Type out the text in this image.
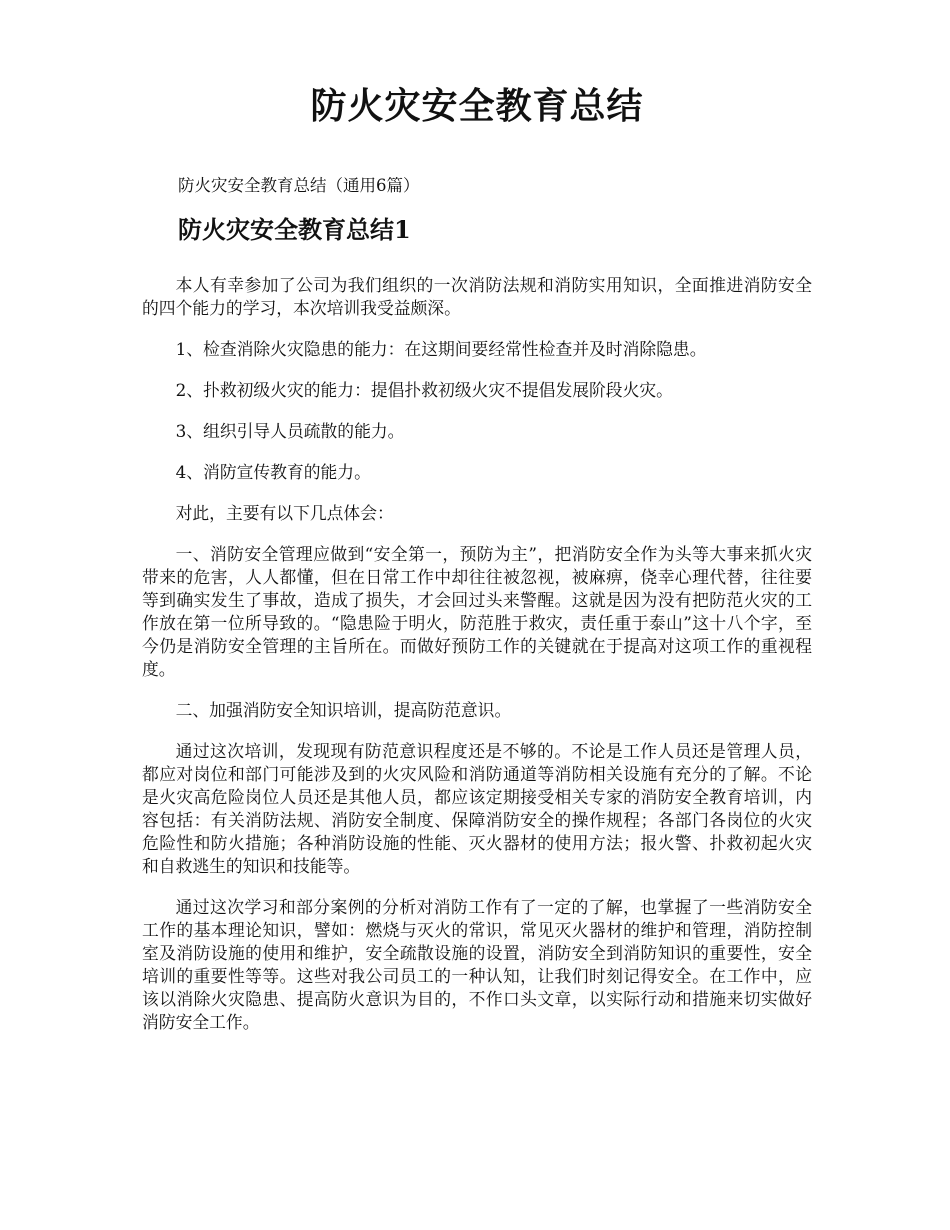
防火灾安全教育总结

防火灾安全教育总结（通用6篇）

防火灾安全教育总结1

本人有幸参加了公司为我们组织的一次消防法规和消防实用知识，全面推进消防安全的四个能力的学习，本次培训我受益颇深。

1、检查消除火灾隐患的能力：在这期间要经常性检查并及时消除隐患。

2、扑救初级火灾的能力：提倡扑救初级火灾不提倡发展阶段火灾。

3、组织引导人员疏散的能力。

4、消防宣传教育的能力。

对此，主要有以下几点体会：

一、消防安全管理应做到“安全第一，预防为主”，把消防安全作为头等大事来抓火灾带来的危害，人人都懂，但在日常工作中却往往被忽视，被麻痹，侥幸心理代替，往往要等到确实发生了事故，造成了损失，才会回过头来警醒。这就是因为没有把防范火灾的工作放在第一位所导致的。“隐患险于明火，防范胜于救灾，责任重于泰山”这十八个字，至今仍是消防安全管理的主旨所在。而做好预防工作的关键就在于提高对这项工作的重视程度。

二、加强消防安全知识培训，提高防范意识。

通过这次培训，发现现有防范意识程度还是不够的。不论是工作人员还是管理人员，都应对岗位和部门可能涉及到的火灾风险和消防通道等消防相关设施有充分的了解。不论是火灾高危险岗位人员还是其他人员，都应该定期接受相关专家的消防安全教育培训，内容包括：有关消防法规、消防安全制度、保障消防安全的操作规程；各部门各岗位的火灾危险性和防火措施；各种消防设施的性能、灭火器材的使用方法；报火警、扑救初起火灾和自救逃生的知识和技能等。

通过这次学习和部分案例的分析对消防工作有了一定的了解，也掌握了一些消防安全工作的基本理论知识，譬如：燃烧与灭火的常识，常见灭火器材的维护和管理，消防控制室及消防设施的使用和维护，安全疏散设施的设置，消防安全到消防知识的重要性，安全培训的重要性等等。这些对我公司员工的一种认知，让我们时刻记得安全。在工作中，应该以消除火灾隐患、提高防火意识为目的，不作口头文章，以实际行动和措施来切实做好消防安全工作。
